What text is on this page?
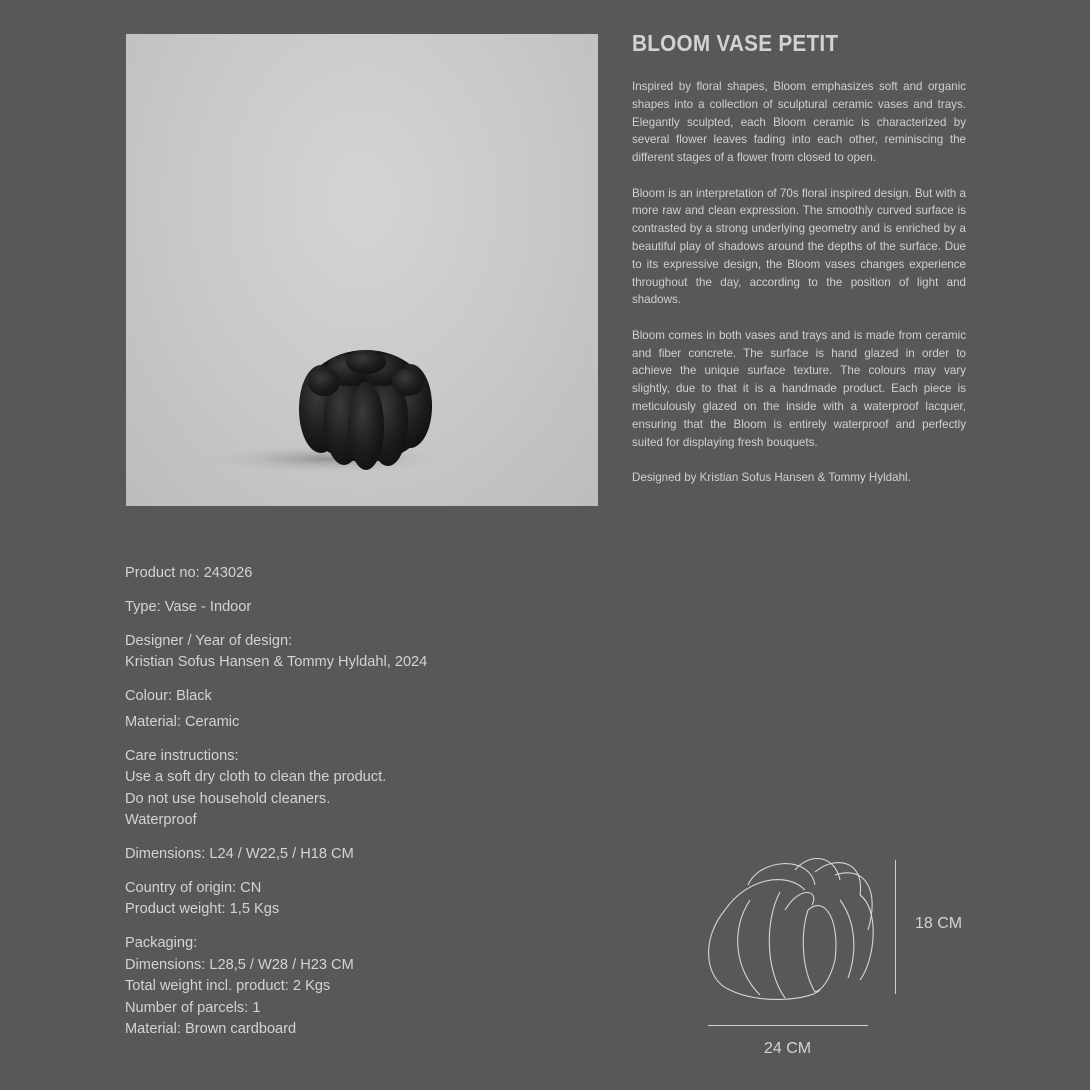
BLOOM VASE PETIT

Inspired by floral shapes, Bloom emphasizes soft and organic shapes into a collection of sculptural ceramic vases and trays. Elegantly sculpted, each Bloom ceramic is characterized by several flower leaves fading into each other, reminiscing the different stages of a flower from closed to open.

Bloom is an interpretation of 70s floral inspired design. But with a more raw and clean expression. The smoothly curved surface is contrasted by a strong underlying geometry and is enriched by a beautiful play of shadows around the depths of the surface. Due to its expressive design, the Bloom vases changes experience throughout the day, according to the position of light and shadows.

Bloom comes in both vases and trays and is made from ceramic and fiber concrete. The surface is hand glazed in order to achieve the unique surface texture. The colours may vary slightly, due to that it is a handmade product. Each piece is meticulously glazed on the inside with a waterproof lacquer, ensuring that the Bloom is entirely waterproof and perfectly suited for displaying fresh bouquets.

Designed by Kristian Sofus Hansen & Tommy Hyldahl.

Product no: 243026
Type: Vase - Indoor
Designer / Year of design:
Kristian Sofus Hansen & Tommy Hyldahl, 2024
Colour: Black
Material: Ceramic
Care instructions:
Use a soft dry cloth to clean the product.
Do not use household cleaners.
Waterproof
Dimensions: L24 / W22,5 / H18 CM
Country of origin: CN
Product weight: 1,5 Kgs
Packaging:
Dimensions: L28,5 / W28 / H23 CM
Total weight incl. product: 2 Kgs
Number of parcels: 1
Material: Brown cardboard
18 CM
24 CM
